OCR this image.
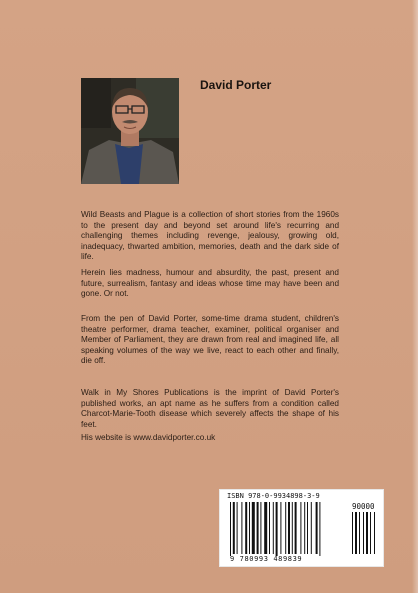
David Porter

Wild Beasts and Plague is a collection of short stories from the 1960s to the present day and beyond set around life's recurring and challenging themes including revenge, jealousy, growing old, inadequacy, thwarted ambition, memories, death and the dark side of life.

Herein lies madness, humour and absurdity, the past, present and future, surrealism, fantasy and ideas whose time may have been and gone. Or not.

From the pen of David Porter, some-time drama student, children's theatre performer, drama teacher, examiner, political organiser and Member of Parliament, they are drawn from real and imagined life, all speaking volumes of the way we live, react to each other and finally, die off.

Walk in My Shores Publications is the imprint of David Porter's published works, an apt name as he suffers from a condition called Charcot-Marie-Tooth disease which severely affects the shape of his feet.

His website is www.davidporter.co.uk

ISBN 978-0-9934898-3-9
90000
9 780993 489839
